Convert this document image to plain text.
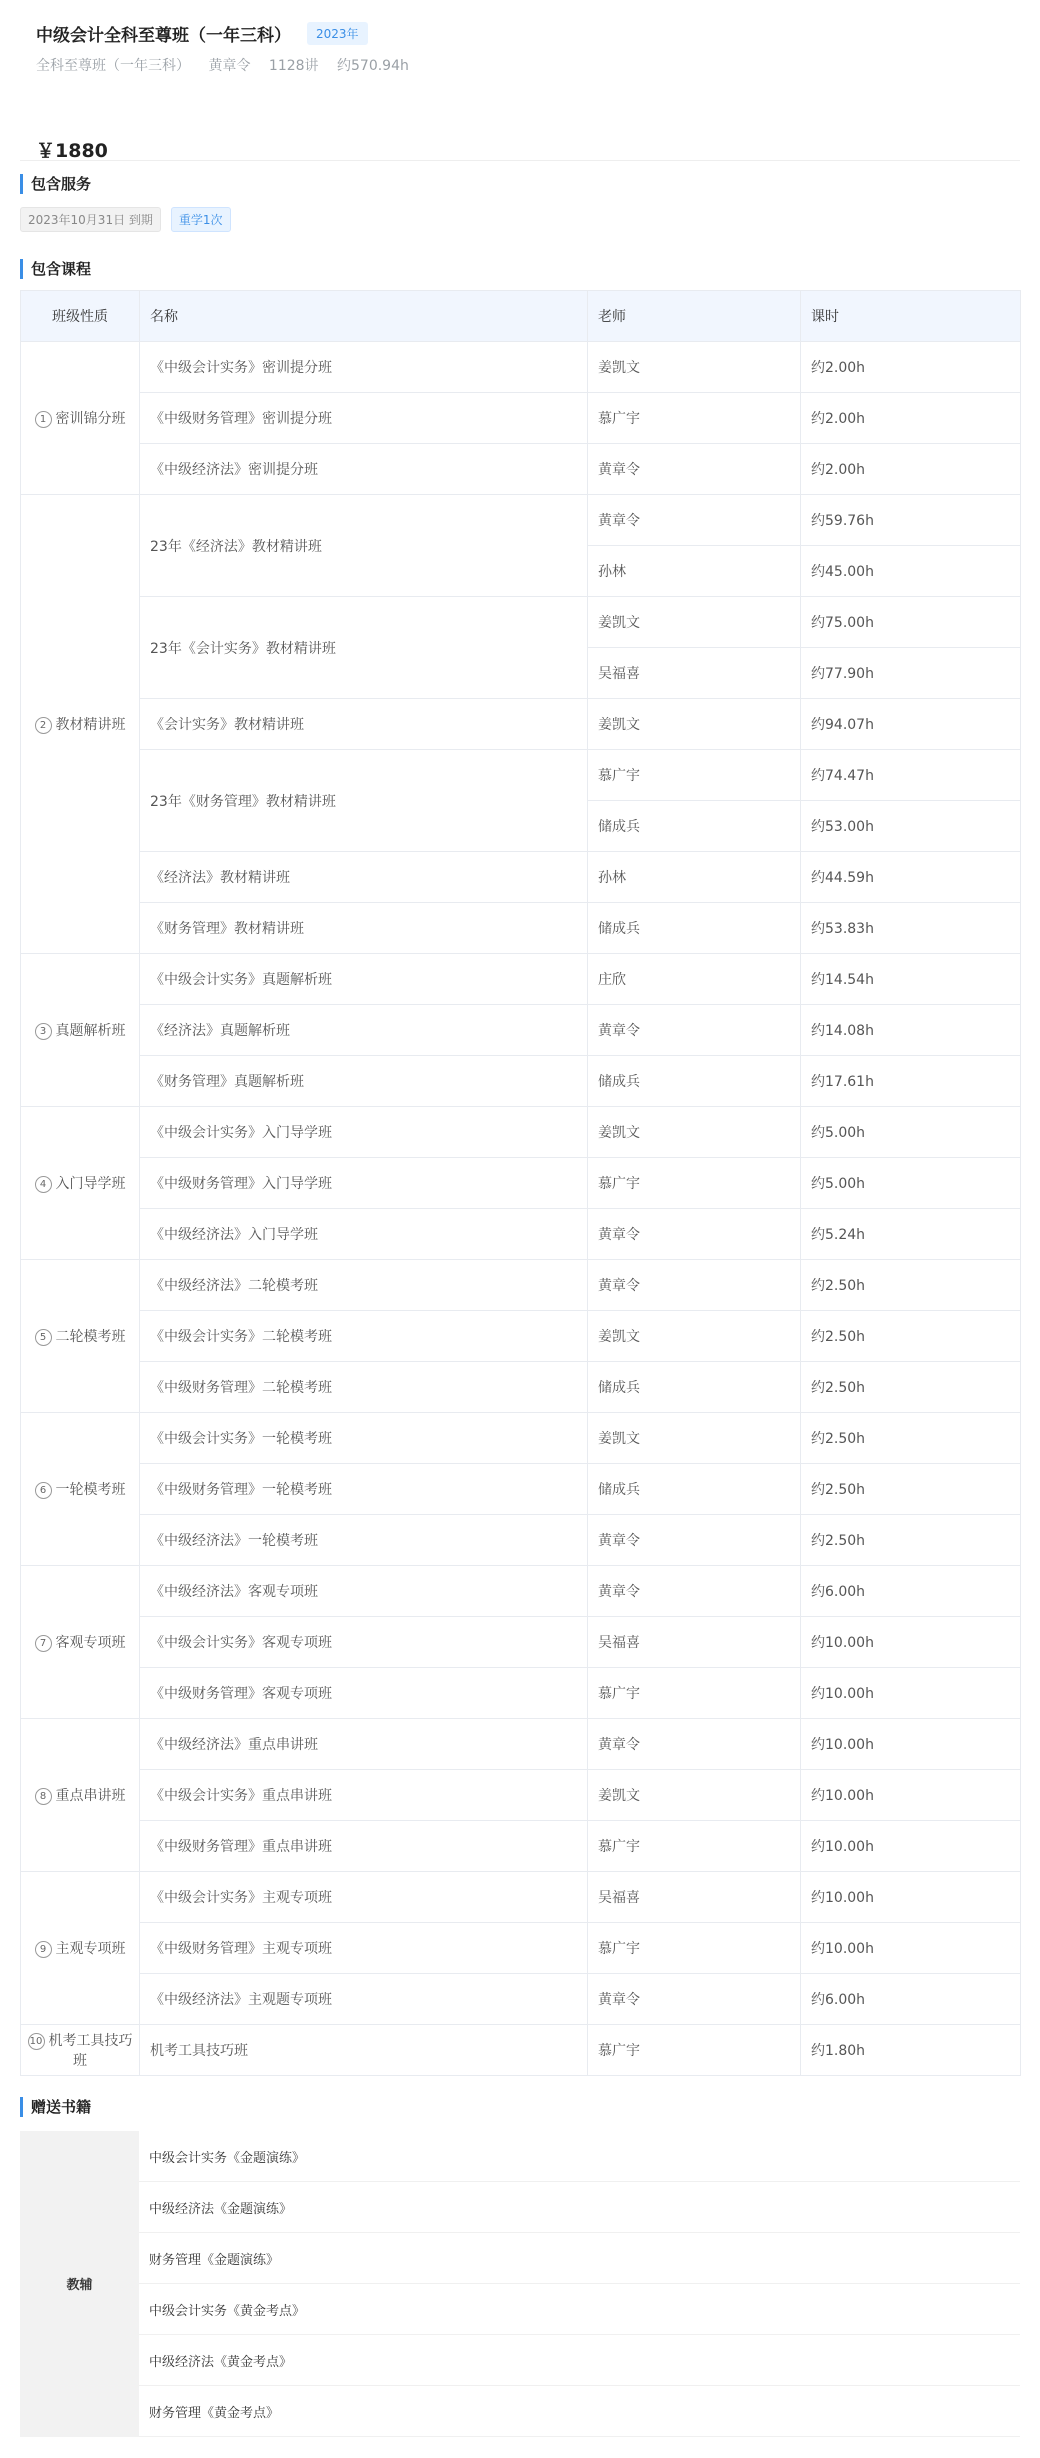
中级会计全科至尊班（一年三科）	2023年
全科至尊班（一年三科） 黄章令 1128讲 约570.94h
￥1880
包含服务
2023年10月31日 到期	重学1次
包含课程
班级性质	名称	老师	课时
1 密训锦分班	《中级会计实务》密训提分班	姜凯文	约2.00h
	《中级财务管理》密训提分班	慕广宇	约2.00h
	《中级经济法》密训提分班	黄章令	约2.00h
2 教材精讲班	23年《经济法》教材精讲班	黄章令	约59.76h
		孙林	约45.00h
	23年《会计实务》教材精讲班	姜凯文	约75.00h
		吴福喜	约77.90h
	《会计实务》教材精讲班	姜凯文	约94.07h
	23年《财务管理》教材精讲班	慕广宇	约74.47h
		储成兵	约53.00h
	《经济法》教材精讲班	孙林	约44.59h
	《财务管理》教材精讲班	储成兵	约53.83h
3 真题解析班	《中级会计实务》真题解析班	庄欣	约14.54h
	《经济法》真题解析班	黄章令	约14.08h
	《财务管理》真题解析班	储成兵	约17.61h
4 入门导学班	《中级会计实务》入门导学班	姜凯文	约5.00h
	《中级财务管理》入门导学班	慕广宇	约5.00h
	《中级经济法》入门导学班	黄章令	约5.24h
5 二轮模考班	《中级经济法》二轮模考班	黄章令	约2.50h
	《中级会计实务》二轮模考班	姜凯文	约2.50h
	《中级财务管理》二轮模考班	储成兵	约2.50h
6 一轮模考班	《中级会计实务》一轮模考班	姜凯文	约2.50h
	《中级财务管理》一轮模考班	储成兵	约2.50h
	《中级经济法》一轮模考班	黄章令	约2.50h
7 客观专项班	《中级经济法》客观专项班	黄章令	约6.00h
	《中级会计实务》客观专项班	吴福喜	约10.00h
	《中级财务管理》客观专项班	慕广宇	约10.00h
8 重点串讲班	《中级经济法》重点串讲班	黄章令	约10.00h
	《中级会计实务》重点串讲班	姜凯文	约10.00h
	《中级财务管理》重点串讲班	慕广宇	约10.00h
9 主观专项班	《中级会计实务》主观专项班	吴福喜	约10.00h
	《中级财务管理》主观专项班	慕广宇	约10.00h
	《中级经济法》主观题专项班	黄章令	约6.00h
10 机考工具技巧班	机考工具技巧班	慕广宇	约1.80h
赠送书籍
教辅	中级会计实务《金题演练》
中级经济法《金题演练》
财务管理《金题演练》
中级会计实务《黄金考点》
中级经济法《黄金考点》
财务管理《黄金考点》
